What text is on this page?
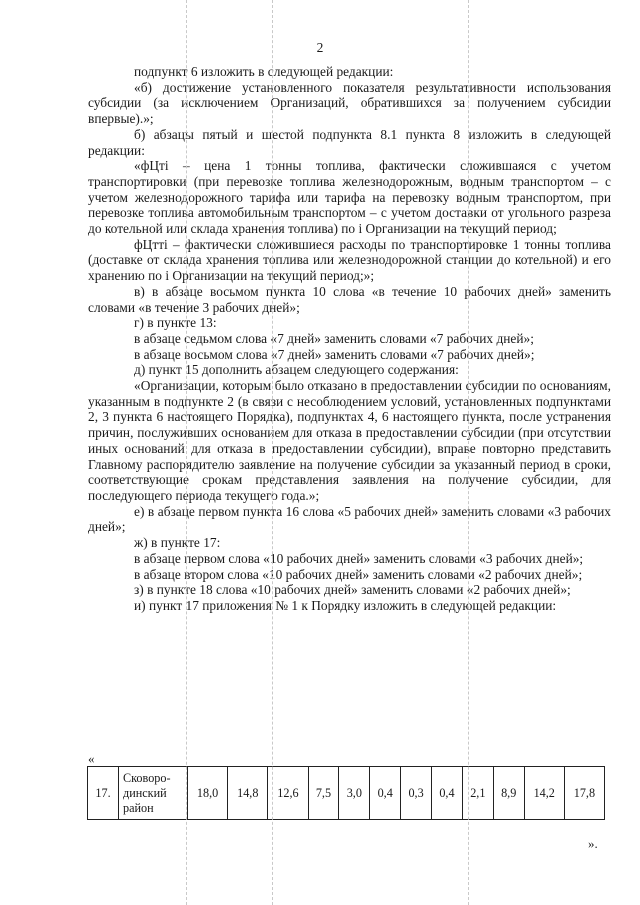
2

подпункт 6 изложить в следующей редакции:

«б) достижение установленного показателя результативности использования субсидии (за исключением Организаций, обратившихся за получением субсидии впервые).»;

б) абзацы пятый и шестой подпункта 8.1 пункта 8 изложить в следующей редакции:

«фЦті – цена 1 тонны топлива, фактически сложившаяся с учетом транспортировки (при перевозке топлива железнодорожным, водным транспортом – с учетом железнодорожного тарифа или тарифа на перевозку водным транспортом, при перевозке топлива автомобильным транспортом – с учетом доставки от угольного разреза до котельной или склада хранения топлива) по і Организации на текущий период;

фЦтті – фактически сложившиеся расходы по транспортировке 1 тонны топлива (доставке от склада хранения топлива или железнодорожной станции до котельной) и его хранению по і Организации на текущий период;»;

в) в абзаце восьмом пункта 10 слова «в течение 10 рабочих дней» заменить словами «в течение 3 рабочих дней»;

г) в пункте 13:

в абзаце седьмом слова «7 дней» заменить словами «7 рабочих дней»;

в абзаце восьмом слова «7 дней» заменить словами «7 рабочих дней»;

д) пункт 15 дополнить абзацем следующего содержания:

«Организации, которым было отказано в предоставлении субсидии по основаниям, указанным в подпункте 2 (в связи с несоблюдением условий, установленных подпунктами 2, 3 пункта 6 настоящего Порядка), подпунктах 4, 6 настоящего пункта, после устранения причин, послуживших основанием для отказа в предоставлении субсидии (при отсутствии иных оснований для отказа в предоставлении субсидии), вправе повторно представить Главному распорядителю заявление на получение субсидии за указанный период в сроки, соответствующие срокам представления заявления на получение субсидии, для последующего периода текущего года.»;

е) в абзаце первом пункта 16 слова «5 рабочих дней» заменить словами «3 рабочих дней»;

ж) в пункте 17:

в абзаце первом слова «10 рабочих дней» заменить словами «3 рабочих дней»;

в абзаце втором слова «10 рабочих дней» заменить словами «2 рабочих дней»;

з) в пункте 18 слова «10 рабочих дней» заменить словами «2 рабочих дней»;

и) пункт 17 приложения № 1 к Порядку изложить в следующей редакции:

«
17.	Сковоро-динский район	18,0	14,8	12,6	7,5	3,0	0,4	0,3	0,4	2,1	8,9	14,2	17,8
».
